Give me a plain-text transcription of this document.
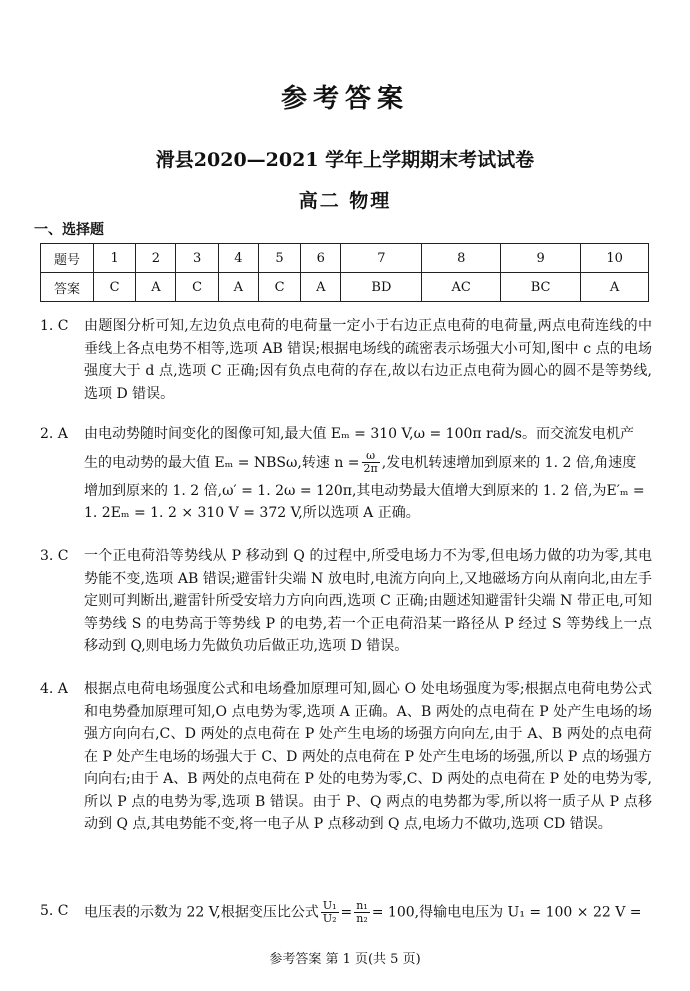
参考答案
滑县2020—2021 学年上学期期末考试试卷
高二 物理
一、选择题
题号	1	2	3	4	5	6	7	8	9	10
答案	C	A	C	A	C	A	BD	AC	BC	A
1. C	由题图分析可知,左边负点电荷的电荷量一定小于右边正点电荷的电荷量,两点电荷连线的中垂线上各点电势不相等,选项 AB 错误;根据电场线的疏密表示场强大小可知,图中 c 点的电场强度大于 d 点,选项 C 正确;因有负点电荷的存在,故以右边正点电荷为圆心的圆不是等势线,选项 D 错误。
2. A	由电动势随时间变化的图像可知,最大值 Eₘ = 310 V,ω = 100π rad/s。而交流发电机产
生的电动势的最大值 Eₘ = NBSω,转速 $n = \frac{\omega}{2\pi}$ ,发电机转速增加到原来的 1. 2 倍,角速度
增加到原来的 1. 2 倍,ω′ = 1. 2ω = 120π,其电动势最大值增大到原来的 1. 2 倍,为E′ₘ =
1. 2Eₘ = 1. 2 × 310 V = 372 V,所以选项 A 正确。
3. C	一个正电荷沿等势线从 P 移动到 Q 的过程中,所受电场力不为零,但电场力做的功为零,其电势能不变,选项 AB 错误;避雷针尖端 N 放电时,电流方向向上,又地磁场方向从南向北,由左手定则可判断出,避雷针所受安培力方向向西,选项 C 正确;由题述知避雷针尖端 N 带正电,可知等势线 S 的电势高于等势线 P 的电势,若一个正电荷沿某一路径从 P 经过 S 等势线上一点移动到 Q,则电场力先做负功后做正功,选项 D 错误。
4. A	根据点电荷电场强度公式和电场叠加原理可知,圆心 O 处电场强度为零;根据点电荷电势公式和电势叠加原理可知,O 点电势为零,选项 A 正确。A、B 两处的点电荷在 P 处产生电场的场强方向向右,C、D 两处的点电荷在 P 处产生电场的场强方向向左,由于 A、B 两处的点电荷在 P 处产生电场的场强大于 C、D 两处的点电荷在 P 处产生电场的场强,所以 P 点的场强方向向右;由于 A、B 两处的点电荷在 P 处的电势为零,C、D 两处的点电荷在 P 处的电势为零,所以 P 点的电势为零,选项 B 错误。由于 P、Q 两点的电势都为零,所以将一质子从 P 点移动到 Q 点,其电势能不变,将一电子从 P 点移动到 Q 点,电场力不做功,选项 CD 错误。
5. C	电压表的示数为 22 V,根据变压比公式 $\frac{\text{U₁}}{\text{U₂}} = \frac{\text{n₁}}{\text{n₂}} = 100$,得输电电压为 U₁ = 100 × 22 V =
参考答案 第 1 页(共 5 页)
